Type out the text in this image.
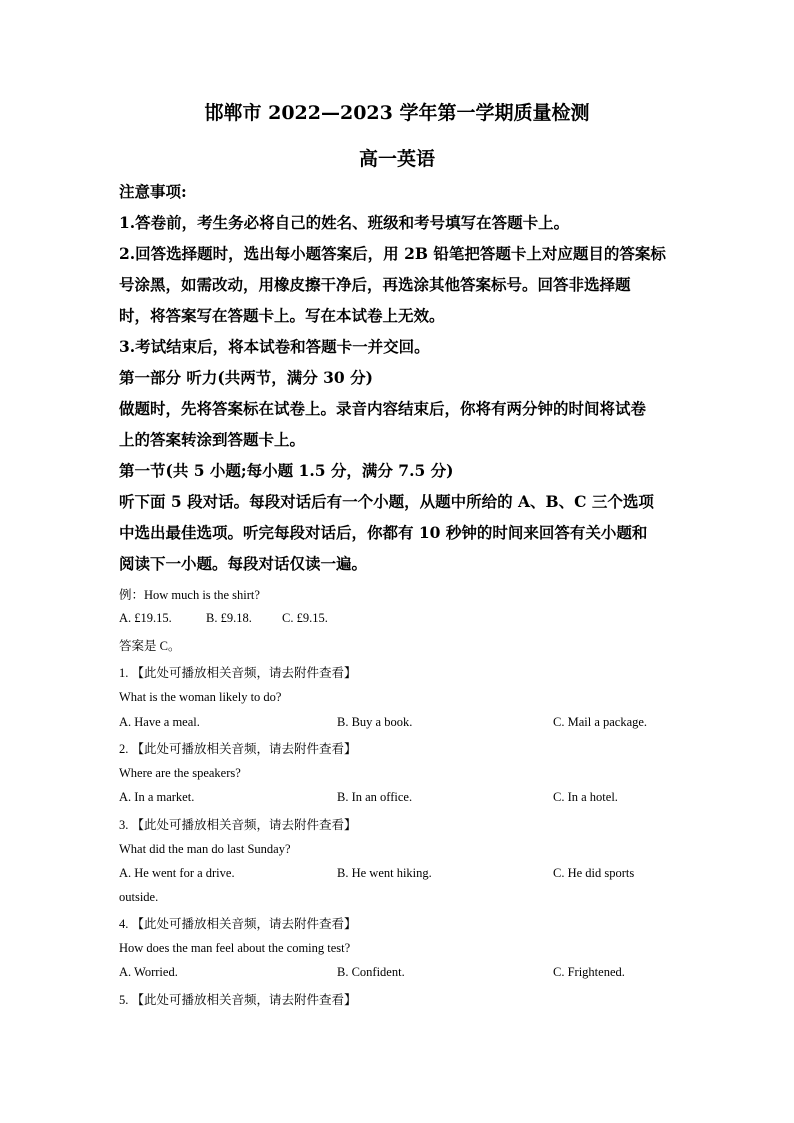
邯郸市 2022—2023 学年第一学期质量检测
高一英语
注意事项:
1.答卷前，考生务必将自己的姓名、班级和考号填写在答题卡上。
2.回答选择题时，选出每小题答案后，用 2B 铅笔把答题卡上对应题目的答案标
号涂黑，如需改动，用橡皮擦干净后，再选涂其他答案标号。回答非选择题
时，将答案写在答题卡上。写在本试卷上无效。
3.考试结束后，将本试卷和答题卡一并交回。
第一部分 听力(共两节，满分 30 分)
做题时，先将答案标在试卷上。录音内容结束后，你将有两分钟的时间将试卷
上的答案转涂到答题卡上。
第一节(共 5 小题;每小题 1.5 分，满分 7.5 分)
听下面 5 段对话。每段对话后有一个小题，从题中所给的 A、B、C 三个选项
中选出最佳选项。听完每段对话后，你都有 10 秒钟的时间来回答有关小题和
阅读下一小题。每段对话仅读一遍。
例：How much is the shirt?
A. £19.15.	B. £9.18. C. £9.15.
答案是 C。
1. 【此处可播放相关音频，请去附件查看】
What is the woman likely to do?
A. Have a meal.	B. Buy a book.	C. Mail a package.
2. 【此处可播放相关音频，请去附件查看】
Where are the speakers?
A. In a market.	B. In an office.	C. In a hotel.
3. 【此处可播放相关音频，请去附件查看】
What did the man do last Sunday?
A. He went for a drive.	B. He went hiking.	C. He did sports
outside.
4. 【此处可播放相关音频，请去附件查看】
How does the man feel about the coming test?
A. Worried.	B. Confident.	C. Frightened.
5. 【此处可播放相关音频，请去附件查看】
